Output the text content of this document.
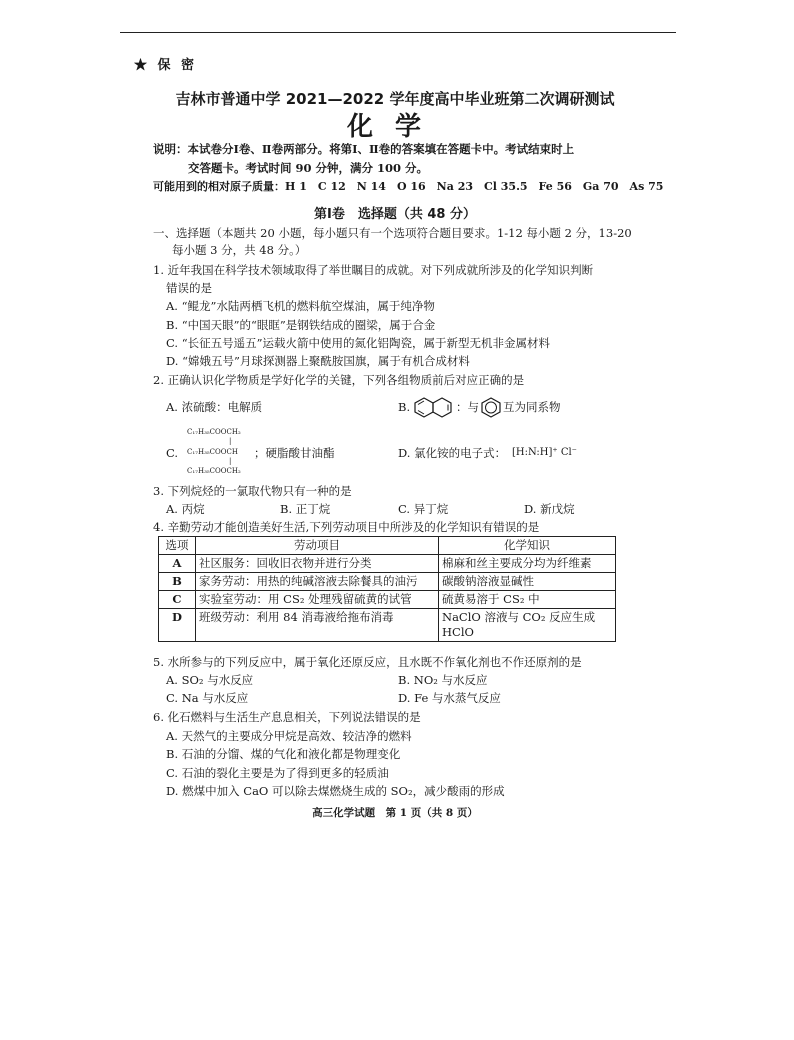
★ 保 密
吉林市普通中学 2021—2022 学年度高中毕业班第二次调研测试
化学
说明：本试卷分Ⅰ卷、Ⅱ卷两部分。将第Ⅰ、Ⅱ卷的答案填在答题卡中。考试结束时上
交答题卡。考试时间 90 分钟，满分 100 分。
可能用到的相对原子质量：H 1　C 12　N 14　O 16　Na 23　Cl 35.5　Fe 56　Ga 70　As 75
第Ⅰ卷　选择题（共 48 分）
一、选择题（本题共 20 小题，每小题只有一个选项符合题目要求。1-12 每小题 2 分，13-20
每小题 3 分，共 48 分。）
1. 近年我国在科学技术领域取得了举世瞩目的成就。对下列成就所涉及的化学知识判断
错误的是
A. “鲲龙”水陆两栖飞机的燃料航空煤油，属于纯净物
B. “中国天眼”的“眼眶”是钢铁结成的圈梁，属于合金
C. “长征五号遥五”运载火箭中使用的氮化铝陶瓷，属于新型无机非金属材料
D. “嫦娥五号”月球探测器上聚酰胺国旗，属于有机合成材料
2. 正确认识化学物质是学好化学的关键，下列各组物质前后对应正确的是
A. 浓硫酸：电解质	B.	：与 互为同系物
C₁₇H₃₅COOCH₂
|
C. C₁₇H₃₅COOCH
|
C₁₇H₃₅COOCH₂
；硬脂酸甘油酯	D. 氯化铵的电子式： [H:N:H]⁺ Cl⁻
3. 下列烷烃的一氯取代物只有一种的是
A. 丙烷	B. 正丁烷	C. 异丁烷	D. 新戊烷
4. 辛勤劳动才能创造美好生活,下列劳动项目中所涉及的化学知识有错误的是
选项	劳动项目	化学知识
A	社区服务：回收旧衣物并进行分类	棉麻和丝主要成分均为纤维素
B	家务劳动：用热的纯碱溶液去除餐具的油污	碳酸钠溶液显碱性
C	实验室劳动：用 CS₂ 处理残留硫黄的试管	硫黄易溶于 CS₂ 中
D	班级劳动：利用 84 消毒液给拖布消毒	NaClO 溶液与 CO₂ 反应生成 HClO
5. 水所参与的下列反应中，属于氧化还原反应，且水既不作氧化剂也不作还原剂的是
A. SO₂ 与水反应	B. NO₂ 与水反应
C. Na 与水反应	D. Fe 与水蒸气反应
6. 化石燃料与生活生产息息相关，下列说法错误的是
A. 天然气的主要成分甲烷是高效、较洁净的燃料
B. 石油的分馏、煤的气化和液化都是物理变化
C. 石油的裂化主要是为了得到更多的轻质油
D. 燃煤中加入 CaO 可以除去煤燃烧生成的 SO₂，减少酸雨的形成
高三化学试题　第 1 页（共 8 页）
